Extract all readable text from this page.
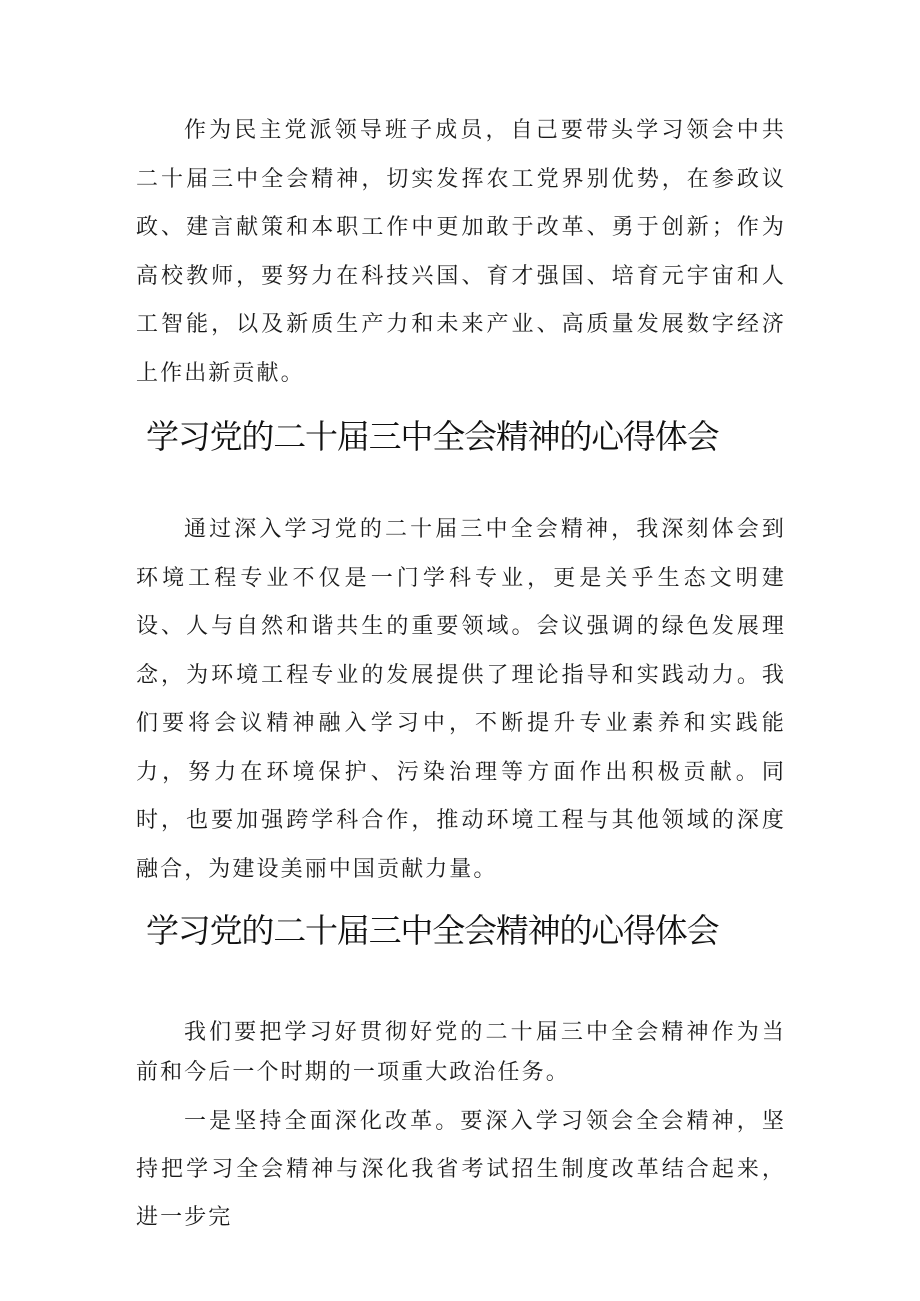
作为民主党派领导班子成员，自己要带头学习领会中共二十届三中全会精神，切实发挥农工党界别优势，在参政议政、建言献策和本职工作中更加敢于改革、勇于创新；作为高校教师，要努力在科技兴国、育才强国、培育元宇宙和人工智能，以及新质生产力和未来产业、高质量发展数字经济上作出新贡献。

学习党的二十届三中全会精神的心得体会

通过深入学习党的二十届三中全会精神，我深刻体会到环境工程专业不仅是一门学科专业，更是关乎生态文明建设、人与自然和谐共生的重要领域。会议强调的绿色发展理念，为环境工程专业的发展提供了理论指导和实践动力。我们要将会议精神融入学习中，不断提升专业素养和实践能力，努力在环境保护、污染治理等方面作出积极贡献。同时，也要加强跨学科合作，推动环境工程与其他领域的深度融合，为建设美丽中国贡献力量。

学习党的二十届三中全会精神的心得体会

我们要把学习好贯彻好党的二十届三中全会精神作为当前和今后一个时期的一项重大政治任务。

一是坚持全面深化改革。要深入学习领会全会精神，坚持把学习全会精神与深化我省考试招生制度改革结合起来，进一步完
